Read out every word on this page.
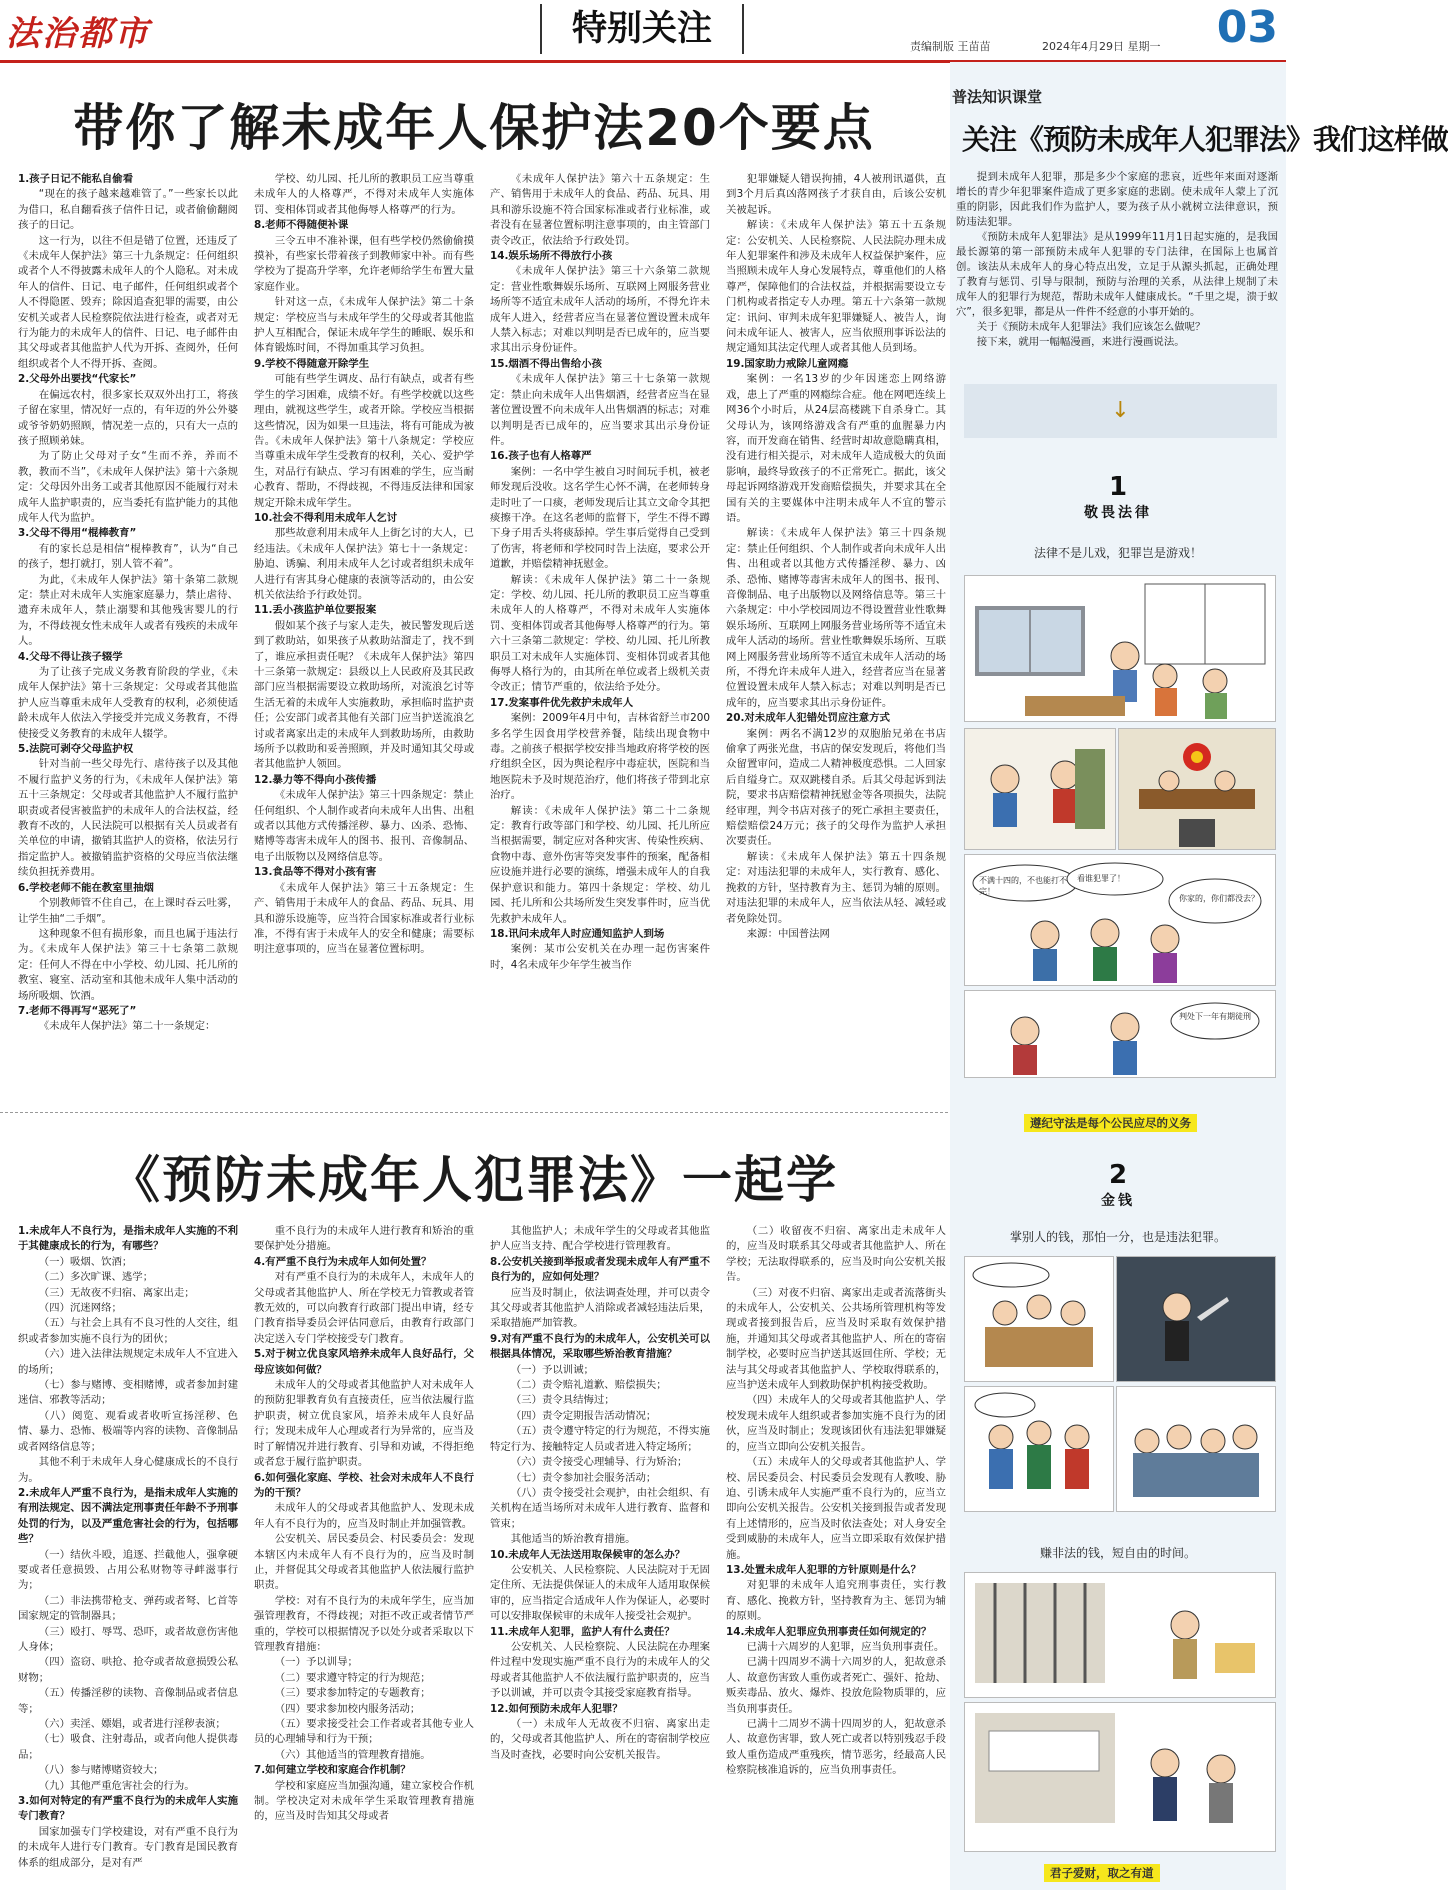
法治都市	特别关注	责编制版 王苗苗	2024年4月29日 星期一 03
带你了解未成年人保护法20个要点

1.孩子日记不能私自偷看

“现在的孩子越来越难管了。”一些家长以此为借口，私自翻看孩子信件日记，或者偷偷翻阅孩子的日记。

这一行为，以往不但是错了位置，还违反了《未成年人保护法》第三十九条规定：任何组织或者个人不得披露未成年人的个人隐私。对未成年人的信件、日记、电子邮件，任何组织或者个人不得隐匿、毁弃；除因追查犯罪的需要，由公安机关或者人民检察院依法进行检查，或者对无行为能力的未成年人的信件、日记、电子邮件由其父母或者其他监护人代为开拆、查阅外，任何组织或者个人不得开拆、查阅。

2.父母外出要找“代家长”

在偏远农村，很多家长双双外出打工，将孩子留在家里，情况好一点的，有年迈的外公外婆或爷爷奶奶照顾，情况差一点的，只有大一点的孩子照顾弟妹。

为了防止父母对子女“生而不养，养而不教，教而不当”，《未成年人保护法》第十六条规定：父母因外出务工或者其他原因不能履行对未成年人监护职责的，应当委托有监护能力的其他成年人代为监护。

3.父母不得用“棍棒教育”

有的家长总是相信“棍棒教育”，认为“自己的孩子，想打就打，别人管不着”。

为此，《未成年人保护法》第十条第二款规定：禁止对未成年人实施家庭暴力，禁止虐待、遗弃未成年人，禁止溺婴和其他残害婴儿的行为，不得歧视女性未成年人或者有残疾的未成年人。

4.父母不得让孩子辍学

为了让孩子完成义务教育阶段的学业，《未成年人保护法》第十三条规定：父母或者其他监护人应当尊重未成年人受教育的权利，必须使适龄未成年人依法入学接受并完成义务教育，不得使接受义务教育的未成年人辍学。

5.法院可剥夺父母监护权

针对当前一些父母先行、虐待孩子以及其他不履行监护义务的行为，《未成年人保护法》第五十三条规定：父母或者其他监护人不履行监护职责或者侵害被监护的未成年人的合法权益，经教育不改的，人民法院可以根据有关人员或者有关单位的申请，撤销其监护人的资格，依法另行指定监护人。被撤销监护资格的父母应当依法继续负担抚养费用。

6.学校老师不能在教室里抽烟

个别教师管不住自己，在上课时吞云吐雾，让学生抽“二手烟”。

这种现象不但有损形象，而且也属于违法行为。《未成年人保护法》第三十七条第二款规定：任何人不得在中小学校、幼儿园、托儿所的教室、寝室、活动室和其他未成年人集中活动的场所吸烟、饮酒。

7.老师不得再写“恶死了”

《未成年人保护法》第二十一条规定：

学校、幼儿园、托儿所的教职员工应当尊重未成年人的人格尊严，不得对未成年人实施体罚、变相体罚或者其他侮辱人格尊严的行为。

8.老师不得随便补课

三令五申不准补课，但有些学校仍然偷偷摸摸补，有些家长带着孩子到教师家中补。而有些学校为了提高升学率，允许老师给学生布置大量家庭作业。

针对这一点，《未成年人保护法》第二十条规定：学校应当与未成年学生的父母或者其他监护人互相配合，保证未成年学生的睡眠、娱乐和体育锻炼时间，不得加重其学习负担。

9.学校不得随意开除学生

可能有些学生调皮、品行有缺点，或者有些学生的学习困难，成绩不好。有些学校就以这些理由，就视这些学生，或者开除。学校应当根据这些情况，因为如果一旦违法，将有可能成为被告。《未成年人保护法》第十八条规定：学校应当尊重未成年学生受教育的权利，关心、爱护学生，对品行有缺点、学习有困难的学生，应当耐心教育、帮助，不得歧视，不得违反法律和国家规定开除未成年学生。

10.社会不得利用未成年人乞讨

那些故意利用未成年人上街乞讨的大人，已经违法。《未成年人保护法》第七十一条规定：胁迫、诱骗、利用未成年人乞讨或者组织未成年人进行有害其身心健康的表演等活动的，由公安机关依法给予行政处罚。

11.丢小孩监护单位要报案

假如某个孩子与家人走失，被民警发现后送到了救助站，如果孩子从救助站溜走了，找不到了，谁应承担责任呢？《未成年人保护法》第四十三条第一款规定：县级以上人民政府及其民政部门应当根据需要设立救助场所，对流浪乞讨等生活无着的未成年人实施救助，承担临时监护责任；公安部门或者其他有关部门应当护送流浪乞讨或者离家出走的未成年人到救助场所，由救助场所予以救助和妥善照顾，并及时通知其父母或者其他监护人领回。

12.暴力等不得向小孩传播

《未成年人保护法》第三十四条规定：禁止任何组织、个人制作或者向未成年人出售、出租或者以其他方式传播淫秽、暴力、凶杀、恐怖、赌博等毒害未成年人的图书、报刊、音像制品、电子出版物以及网络信息等。

13.食品等不得对小孩有害

《未成年人保护法》第三十五条规定：生产、销售用于未成年人的食品、药品、玩具、用具和游乐设施等，应当符合国家标准或者行业标准，不得有害于未成年人的安全和健康；需要标明注意事项的，应当在显著位置标明。

《未成年人保护法》第六十五条规定：生产、销售用于未成年人的食品、药品、玩具、用具和游乐设施不符合国家标准或者行业标准，或者没有在显著位置标明注意事项的，由主管部门责令改正，依法给予行政处罚。

14.娱乐场所不得放行小孩

《未成年人保护法》第三十六条第二款规定：营业性歌舞娱乐场所、互联网上网服务营业场所等不适宜未成年人活动的场所，不得允许未成年人进入，经营者应当在显著位置设置未成年人禁入标志；对难以判明是否已成年的，应当要求其出示身份证件。

15.烟酒不得出售给小孩

《未成年人保护法》第三十七条第一款规定：禁止向未成年人出售烟酒，经营者应当在显著位置设置不向未成年人出售烟酒的标志；对难以判明是否已成年的，应当要求其出示身份证件。

16.孩子也有人格尊严

案例：一名中学生被自习时间玩手机，被老师发现后没收。这名学生心怀不满，在老师转身走时吐了一口痰，老师发现后让其立文命令其把痰擦干净。在这名老师的监督下，学生不得不蹲下身子用舌头将痰舔掉。学生事后觉得自己受到了伤害，将老师和学校同时告上法庭，要求公开道歉，并赔偿精神抚慰金。

解读：《未成年人保护法》第二十一条规定：学校、幼儿园、托儿所的教职员工应当尊重未成年人的人格尊严，不得对未成年人实施体罚、变相体罚或者其他侮辱人格尊严的行为。第六十三条第二款规定：学校、幼儿园、托儿所教职员工对未成年人实施体罚、变相体罚或者其他侮辱人格行为的，由其所在单位或者上级机关责令改正；情节严重的，依法给予处分。

17.发案事件优先救护未成年人

案例：2009年4月中旬，吉林省舒兰市200多名学生因食用学校营养餐，陆续出现食物中毒。之前孩子根据学校安排当地政府将学校的医疗组织全区，因为舆论程序中毒症状，医院和当地医院未予及时规范治疗，他们将孩子带到北京治疗。

解读：《未成年人保护法》第二十二条规定：教育行政等部门和学校、幼儿园、托儿所应当根据需要，制定应对各种灾害、传染性疾病、食物中毒、意外伤害等突发事件的预案，配备相应设施并进行必要的演练，增强未成年人的自我保护意识和能力。第四十条规定：学校、幼儿园、托儿所和公共场所发生突发事件时，应当优先救护未成年人。

18.讯问未成年人时应通知监护人到场

案例：某市公安机关在办理一起伤害案件时，4名未成年少年学生被当作

犯罪嫌疑人错误拘捕，4人被刑讯逼供，直到3个月后真凶落网孩子才获自由，后该公安机关被起诉。

解读：《未成年人保护法》第五十五条规定：公安机关、人民检察院、人民法院办理未成年人犯罪案件和涉及未成年人权益保护案件，应当照顾未成年人身心发展特点，尊重他们的人格尊严，保障他们的合法权益，并根据需要设立专门机构或者指定专人办理。第五十六条第一款规定：讯问、审判未成年犯罪嫌疑人、被告人，询问未成年证人、被害人，应当依照刑事诉讼法的规定通知其法定代理人或者其他人员到场。

19.国家助力戒除儿童网瘾

案例：一名13岁的少年因迷恋上网络游戏，患上了严重的网瘾综合症。他在网吧连续上网36个小时后，从24层高楼跳下自杀身亡。其父母认为，该网络游戏含有严重的血腥暴力内容，而开发商在销售、经营时却故意隐瞒真相，没有进行相关提示，对未成年人造成极大的负面影响，最终导致孩子的不正常死亡。据此，该父母起诉网络游戏开发商赔偿损失，并要求其在全国有关的主要媒体中注明未成年人不宜的警示语。

解读：《未成年人保护法》第三十四条规定：禁止任何组织、个人制作或者向未成年人出售、出租或者以其他方式传播淫秽、暴力、凶杀、恐怖、赌博等毒害未成年人的图书、报刊、音像制品、电子出版物以及网络信息等。第三十六条规定：中小学校园周边不得设置营业性歌舞娱乐场所、互联网上网服务营业场所等不适宜未成年人活动的场所。营业性歌舞娱乐场所、互联网上网服务营业场所等不适宜未成年人活动的场所，不得允许未成年人进入，经营者应当在显著位置设置未成年人禁入标志；对难以判明是否已成年的，应当要求其出示身份证件。

20.对未成年人犯错处罚应注意方式

案例：两名不满12岁的双胞胎兄弟在书店偷拿了两张光盘，书店的保安发现后，将他们当众留置审问，造成二人精神极度恐惧。二人回家后自缢身亡。双双跳楼自杀。后其父母起诉到法院，要求书店赔偿精神抚慰金等各项损失，法院经审理，判令书店对孩子的死亡承担主要责任，赔偿赔偿24万元；孩子的父母作为监护人承担次要责任。

解读：《未成年人保护法》第五十四条规定：对违法犯罪的未成年人，实行教育、感化、挽救的方针，坚持教育为主、惩罚为辅的原则。对违法犯罪的未成年人，应当依法从轻、减轻或者免除处罚。

来源：中国普法网

《预防未成年人犯罪法》一起学

1.未成年人不良行为，是指未成年人实施的不利于其健康成长的行为，有哪些？

（一）吸烟、饮酒；

（二）多次旷课、逃学；

（三）无故夜不归宿、离家出走；

（四）沉迷网络；

（五）与社会上具有不良习性的人交往，组织或者参加实施不良行为的团伙；

（六）进入法律法规规定未成年人不宜进入的场所；

（七）参与赌博、变相赌博，或者参加封建迷信、邪教等活动；

（八）阅览、观看或者收听宣扬淫秽、色情、暴力、恐怖、极端等内容的读物、音像制品或者网络信息等；

其他不利于未成年人身心健康成长的不良行为。

2.未成年人严重不良行为，是指未成年人实施的有刑法规定、因不满法定刑事责任年龄不予刑事处罚的行为，以及严重危害社会的行为，包括哪些？

（一）结伙斗殴，追逐、拦截他人，强拿硬要或者任意损毁、占用公私财物等寻衅滋事行为；

（二）非法携带枪支、弹药或者弩、匕首等国家规定的管制器具；

（三）殴打、辱骂、恐吓，或者故意伤害他人身体；

（四）盗窃、哄抢、抢夺或者故意损毁公私财物；

（五）传播淫秽的读物、音像制品或者信息等；

（六）卖淫、嫖娼，或者进行淫秽表演；

（七）吸食、注射毒品，或者向他人提供毒品；

（八）参与赌博赌资较大；

（九）其他严重危害社会的行为。

3.如何对特定的有严重不良行为的未成年人实施专门教育？

国家加强专门学校建设，对有严重不良行为的未成年人进行专门教育。专门教育是国民教育体系的组成部分，是对有严

重不良行为的未成年人进行教育和矫治的重要保护处分措施。

4.有严重不良行为未成年人如何处置？

对有严重不良行为的未成年人，未成年人的父母或者其他监护人、所在学校无力管教或者管教无效的，可以向教育行政部门提出申请，经专门教育指导委员会评估同意后，由教育行政部门决定送入专门学校接受专门教育。

5.对于树立优良家风培养未成年人良好品行，父母应该如何做？

未成年人的父母或者其他监护人对未成年人的预防犯罪教育负有直接责任，应当依法履行监护职责，树立优良家风，培养未成年人良好品行；发现未成年人心理或者行为异常的，应当及时了解情况并进行教育、引导和劝诫，不得拒绝或者怠于履行监护职责。

6.如何强化家庭、学校、社会对未成年人不良行为的干预？

未成年人的父母或者其他监护人、发现未成年人有不良行为的，应当及时制止并加强管教。

公安机关、居民委员会、村民委员会：发现本辖区内未成年人有不良行为的，应当及时制止，并督促其父母或者其他监护人依法履行监护职责。

学校：对有不良行为的未成年学生，应当加强管理教育，不得歧视；对拒不改正或者情节严重的，学校可以根据情况予以处分或者采取以下管理教育措施：

（一）予以训导；

（二）要求遵守特定的行为规范；

（三）要求参加特定的专题教育；

（四）要求参加校内服务活动；

（五）要求接受社会工作者或者其他专业人员的心理辅导和行为干预；

（六）其他适当的管理教育措施。

7.如何建立学校和家庭合作机制？

学校和家庭应当加强沟通，建立家校合作机制。学校决定对未成年学生采取管理教育措施的，应当及时告知其父母或者

其他监护人；未成年学生的父母或者其他监护人应当支持、配合学校进行管理教育。

8.公安机关接到举报或者发现未成年人有严重不良行为的，应如何处理？

应当及时制止，依法调查处理，并可以责令其父母或者其他监护人消除或者减轻违法后果，采取措施严加管教。

9.对有严重不良行为的未成年人，公安机关可以根据具体情况，采取哪些矫治教育措施？

（一）予以训诫；

（二）责令赔礼道歉、赔偿损失；

（三）责令具结悔过；

（四）责令定期报告活动情况；

（五）责令遵守特定的行为规范，不得实施特定行为、接触特定人员或者进入特定场所；

（六）责令接受心理辅导、行为矫治；

（七）责令参加社会服务活动；

（八）责令接受社会观护，由社会组织、有关机构在适当场所对未成年人进行教育、监督和管束；

其他适当的矫治教育措施。

10.未成年人无法送用取保候审的怎么办？

公安机关、人民检察院、人民法院对于无固定住所、无法提供保证人的未成年人适用取保候审的，应当指定合适成年人作为保证人，必要时可以安排取保候审的未成年人接受社会观护。

11.未成年人犯罪，监护人有什么责任？

公安机关、人民检察院、人民法院在办理案件过程中发现实施严重不良行为的未成年人的父母或者其他监护人不依法履行监护职责的，应当予以训诫，并可以责令其接受家庭教育指导。

12.如何预防未成年人犯罪？

（一）未成年人无故夜不归宿、离家出走的，父母或者其他监护人、所在的寄宿制学校应当及时查找，必要时向公安机关报告。

（二）收留夜不归宿、离家出走未成年人的，应当及时联系其父母或者其他监护人、所在学校；无法取得联系的，应当及时向公安机关报告。

（三）对夜不归宿、离家出走或者流落街头的未成年人，公安机关、公共场所管理机构等发现或者接到报告后，应当及时采取有效保护措施，并通知其父母或者其他监护人、所在的寄宿制学校，必要时应当护送其返回住所、学校；无法与其父母或者其他监护人、学校取得联系的，应当护送未成年人到救助保护机构接受救助。

（四）未成年人的父母或者其他监护人、学校发现未成年人组织或者参加实施不良行为的团伙，应当及时制止；发现该团伙有违法犯罪嫌疑的，应当立即向公安机关报告。

（五）未成年人的父母或者其他监护人、学校、居民委员会、村民委员会发现有人教唆、胁迫、引诱未成年人实施严重不良行为的，应当立即向公安机关报告。公安机关接到报告或者发现有上述情形的，应当及时依法查处；对人身安全受到威胁的未成年人，应当立即采取有效保护措施。

13.处置未成年人犯罪的方针原则是什么？

对犯罪的未成年人追究刑事责任，实行教育、感化、挽救方针，坚持教育为主、惩罚为辅的原则。

14.未成年人犯罪应负刑事责任如何规定的？

已满十六周岁的人犯罪，应当负刑事责任。

已满十四周岁不满十六周岁的人，犯故意杀人、故意伤害致人重伤或者死亡、强奸、抢劫、贩卖毒品、放火、爆炸、投放危险物质罪的，应当负刑事责任。

已满十二周岁不满十四周岁的人，犯故意杀人、故意伤害罪，致人死亡或者以特别残忍手段致人重伤造成严重残疾，情节恶劣，经最高人民检察院核准追诉的，应当负刑事责任。

普法知识课堂
关注《预防未成年人犯罪法》我们这样做

提到未成年人犯罪，那是多少个家庭的悲哀，近些年来面对逐渐增长的青少年犯罪案件造成了更多家庭的悲剧。使未成年人蒙上了沉重的阴影，因此我们作为监护人，要为孩子从小就树立法律意识，预防违法犯罪。

《预防未成年人犯罪法》是从1999年11月1日起实施的，是我国最长源第的第一部预防未成年人犯罪的专门法律，在国际上也属首创。该法从未成年人的身心特点出发，立足于从源头抓起，正确处理了教育与惩罚、引导与限制，预防与治理的关系，从法律上规制了未成年人的犯罪行为规范，帮助未成年人健康成长。“千里之堤，溃于蚁穴”，很多犯罪，都是从一件件不经意的小事开始的。

关于《预防未成年人犯罪法》我们应该怎么做呢？

接下来，就用一幅幅漫画，来进行漫画说法。

↓
1
敬畏法律
法律不是儿戏，犯罪岂是游戏！
不满十四的，不也能打不完！
看谁犯罪了！
你家的，你们都没去？
判处下一年有期徒刑
遵纪守法是每个公民应尽的义务
2
金钱
掌别人的钱，那怕一分，也是违法犯罪。
赚非法的钱，短自由的时间。
君子爱财，取之有道
